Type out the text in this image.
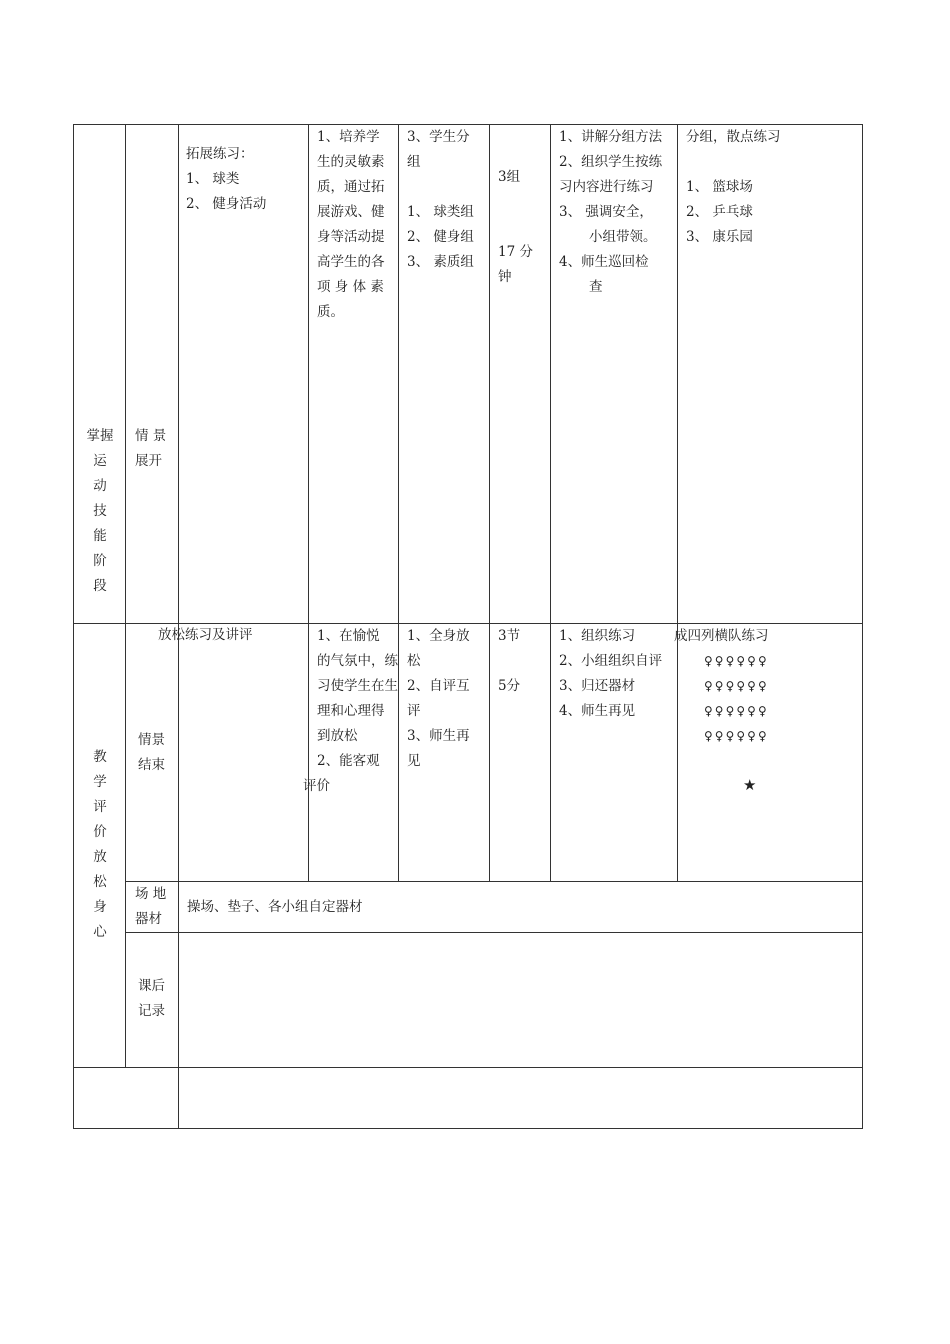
掌握
运
动
技
能
阶
段
情 景
展开
拓展练习：
1、 球类
2、 健身活动
1、培养学
生的灵敏素
质，通过拓
展游戏、健
身等活动提
高学生的各
项 身 体 素
质。
3、学生分
组
1、 球类组
2、 健身组
3、 素质组
3组
17 分
钟
1、讲解分组方法
2、组织学生按练
习内容进行练习
3、 强调安全，
小组带领。
4、师生巡回检
查
分组，散点练习
1、 篮球场
2、 乒乓球
3、 康乐园
教
学
评
价
放
松
身
心
情景
结束
放松练习及讲评	1、在愉悦
的气氛中，练
习使学生在生
理和心理得
到放松
2、能客观
评价
1、全身放
松
2、自评互
评
3、师生再
见
3节
5分
1、组织练习
2、小组组织自评
3、归还器材
4、师生再见
成四列横队练习
♀♀♀♀♀♀
♀♀♀♀♀♀
♀♀♀♀♀♀
♀♀♀♀♀♀
★
场 地
器材
操场、垫子、各小组自定器材
课后
记录
